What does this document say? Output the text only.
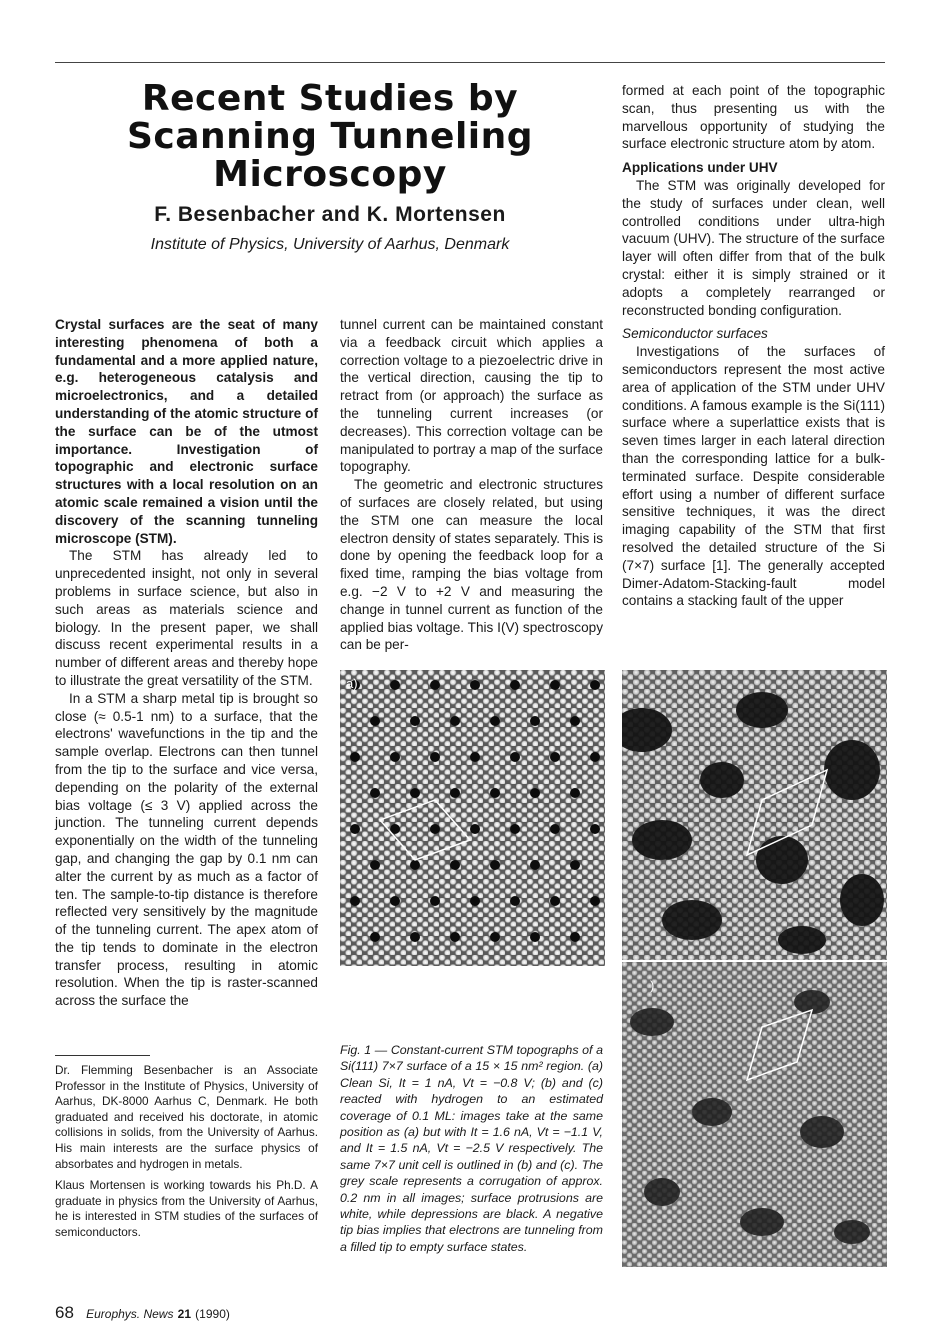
Recent Studies by
Scanning Tunneling
Microscopy
F. Besenbacher and K. Mortensen
Institute of Physics, University of Aarhus, Denmark

Crystal surfaces are the seat of many interesting phenomena of both a fundamental and a more applied nature, e.g. heterogeneous catalysis and microelectronics, and a detailed understanding of the atomic structure of the surface can be of the utmost importance. Investigation of topographic and electronic surface structures with a local resolution on an atomic scale remained a vision until the discovery of the scanning tunneling microscope (STM).

The STM has already led to unprecedented insight, not only in several problems in surface science, but also in such areas as materials science and biology. In the present paper, we shall discuss recent experimental results in a number of different areas and thereby hope to illustrate the great versatility of the STM.

In a STM a sharp metal tip is brought so close (≈ 0.5-1 nm) to a surface, that the electrons' wavefunctions in the tip and the sample overlap. Electrons can then tunnel from the tip to the surface and vice versa, depending on the polarity of the external bias voltage (≤ 3 V) applied across the junction. The tunneling current depends exponentially on the width of the tunneling gap, and changing the gap by 0.1 nm can alter the current by as much as a factor of ten. The sample-to-tip distance is therefore reflected very sensitively by the magnitude of the tunneling current. The apex atom of the tip tends to dominate in the electron transfer process, resulting in atomic resolution. When the tip is raster-scanned across the surface the

tunnel current can be maintained constant via a feedback circuit which applies a correction voltage to a piezoelectric drive in the vertical direction, causing the tip to retract from (or approach) the surface as the tunneling current increases (or decreases). This correction voltage can be manipulated to portray a map of the surface topography.

The geometric and electronic structures of surfaces are closely related, but using the STM one can measure the local electron density of states separately. This is done by opening the feedback loop for a fixed time, ramping the bias voltage from e.g. −2 V to +2 V and measuring the change in tunnel current as function of the applied bias voltage. This I(V) spectroscopy can be per-

formed at each point of the topographic scan, thus presenting us with the marvellous opportunity of studying the surface electronic structure atom by atom.

Applications under UHV

The STM was originally developed for the study of surfaces under clean, well controlled conditions under ultra-high vacuum (UHV). The structure of the surface layer will often differ from that of the bulk crystal: either it is simply strained or it adopts a completely rearranged or reconstructed bonding configuration.

Semiconductor surfaces

Investigations of the surfaces of semiconductors represent the most active area of application of the STM under UHV conditions. A famous example is the Si(111) surface where a superlattice exists that is seven times larger in each lateral direction than the corresponding lattice for a bulk-terminated surface. Despite considerable effort using a number of different surface sensitive techniques, it was the direct imaging capability of the STM that first resolved the detailed structure of the Si (7×7) surface [1]. The generally accepted Dimer-Adatom-Stacking-fault model contains a stacking fault of the upper

Dr. Flemming Besenbacher is an Associate Professor in the Institute of Physics, University of Aarhus, DK-8000 Aarhus C, Denmark. He both graduated and received his doctorate, in atomic collisions in solids, from the University of Aarhus. His main interests are the surface physics of absorbates and hydrogen in metals.

Klaus Mortensen is working towards his Ph.D. A graduate in physics from the University of Aarhus, he is interested in STM studies of the surfaces of semiconductors.

a)
)
Fig. 1 — Constant-current STM topographs of a Si(111) 7×7 surface of a 15 × 15 nm² region. (a) Clean Si, It = 1 nA, Vt = −0.8 V; (b) and (c) reacted with hydrogen to an estimated coverage of 0.1 ML: images take at the same position as (a) but with It = 1.6 nA, Vt = −1.1 V, and It = 1.5 nA, Vt = −2.5 V respectively. The same 7×7 unit cell is outlined in (b) and (c). The grey scale represents a corrugation of approx. 0.2 nm in all images; surface protrusions are white, while depressions are black. A negative tip bias implies that electrons are tunneling from a filled tip to empty surface states.
68 Europhys. News 21 (1990)
